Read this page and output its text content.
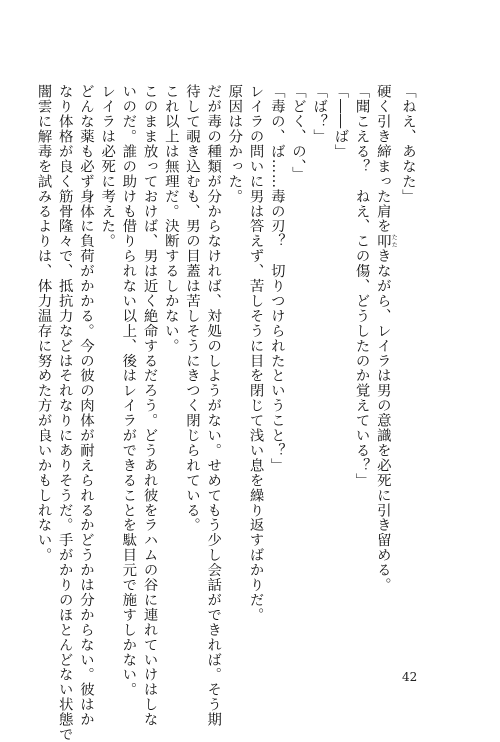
「ねえ、あなた」
硬く引き締まった肩を叩 たたきながら、レイラは男の意識を必死に引き留める。
「聞こえる？　ねえ、この傷、どうしたのか覚えている？」
「――ば」
「ば？」
「どく、の、」
「毒の、ば……毒の刃？　切りつけられたということ？」
レイラの問いに男は答えず、苦しそうに目を閉じて浅い息を繰り返すばかりだ。
原因は分かった。
だが毒の種類が分からなければ、対処のしようがない。せめてもう少し会話ができれば。そう期
待して覗き込むも、男の目蓋は苦しそうにきつく閉じられている。
これ以上は無理だ。決断するしかない。
このまま放っておけば、男は近く絶命するだろう。どうあれ彼をラハムの谷に連れていけはしな
いのだ。誰の助けも借りられない以上、後はレイラができることを駄目元で施すしかない。
レイラは必死に考えた。
どんな薬も必ず身体に負荷がかかる。今の彼の肉体が耐えられるかどうかは分からない。彼はか
なり体格が良く筋骨隆々で、抵抗力などはそれなりにありそうだ。手がかりのほとんどない状態で
闇雲に解毒を試みるよりは、体力温存に努めた方が良いかもしれない。
42
